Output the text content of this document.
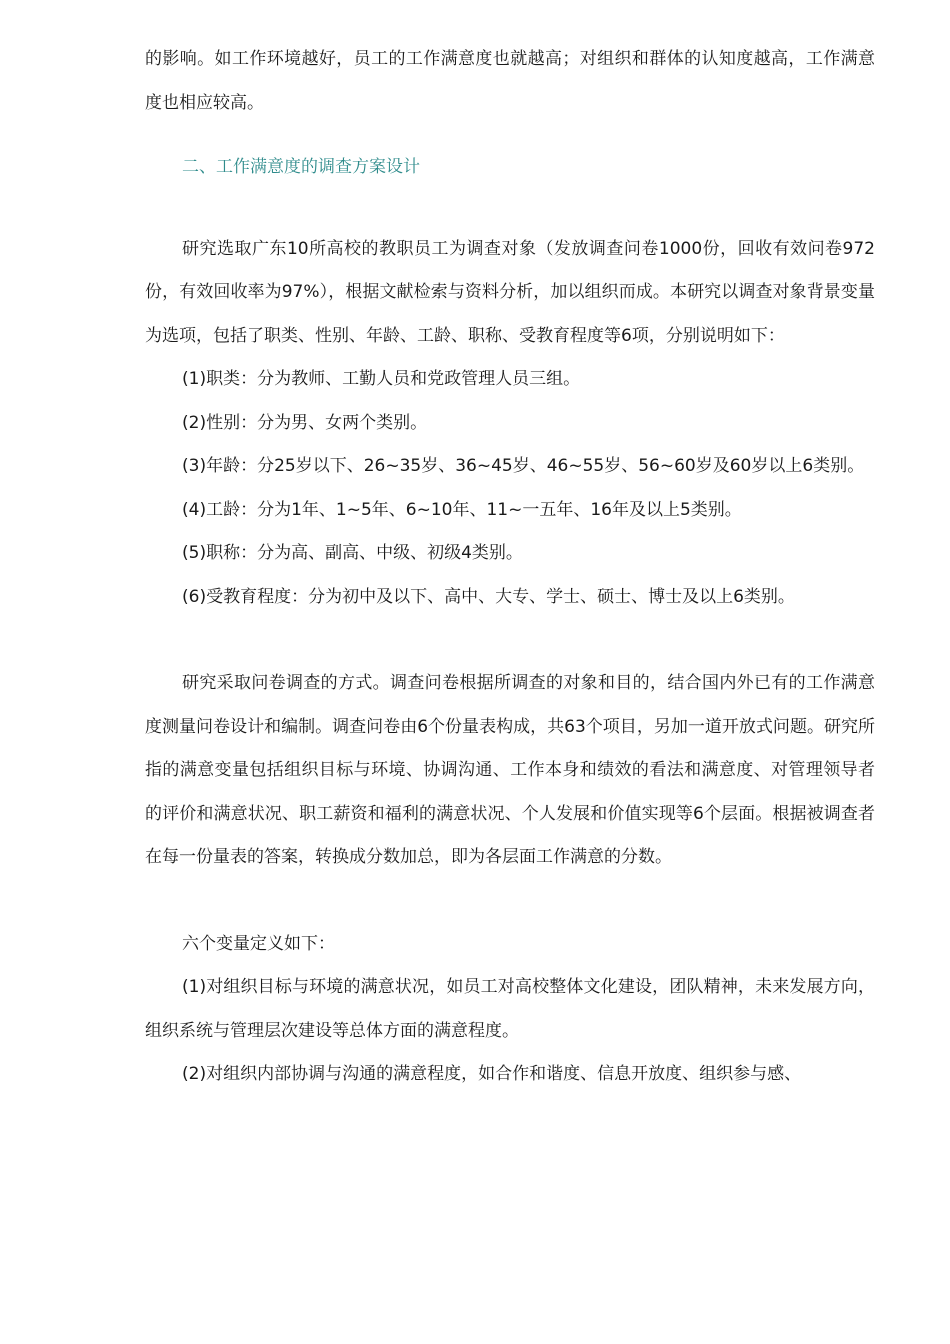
的影响。如工作环境越好，员工的工作满意度也就越高；对组织和群体的认知度越高，工作满意度也相应较高。

二、工作满意度的调查方案设计

研究选取广东10所高校的教职员工为调查对象（发放调查问卷1000份，回收有效问卷972份，有效回收率为97%），根据文献检索与资料分析，加以组织而成。本研究以调查对象背景变量为选项，包括了职类、性别、年龄、工龄、职称、受教育程度等6项，分别说明如下：

(1)职类：分为教师、工勤人员和党政管理人员三组。

(2)性别：分为男、女两个类别。

(3)年龄：分25岁以下、26~35岁、36~45岁、46~55岁、56~60岁及60岁以上6类别。

(4)工龄：分为1年、1~5年、6~10年、11~一五年、16年及以上5类别。

(5)职称：分为高、副高、中级、初级4类别。

(6)受教育程度：分为初中及以下、高中、大专、学士、硕士、博士及以上6类别。

研究采取问卷调查的方式。调查问卷根据所调查的对象和目的，结合国内外已有的工作满意度测量问卷设计和编制。调查问卷由6个份量表构成，共63个项目，另加一道开放式问题。研究所指的满意变量包括组织目标与环境、协调沟通、工作本身和绩效的看法和满意度、对管理领导者的评价和满意状况、职工薪资和福利的满意状况、个人发展和价值实现等6个层面。根据被调查者在每一份量表的答案，转换成分数加总，即为各层面工作满意的分数。

六个变量定义如下：

(1)对组织目标与环境的满意状况，如员工对高校整体文化建设，团队精神，未来发展方向，组织系统与管理层次建设等总体方面的满意程度。

(2)对组织内部协调与沟通的满意程度，如合作和谐度、信息开放度、组织参与感、
